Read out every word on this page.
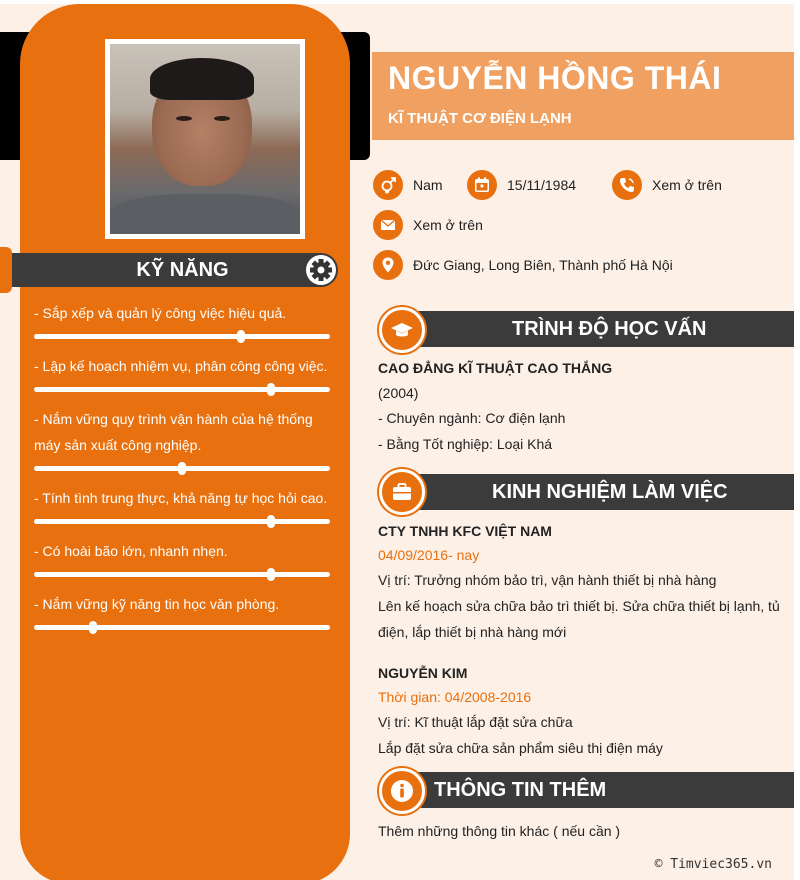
KỸ NĂNG
- Sắp xếp và quản lý công việc hiệu quả.
- Lập kế hoạch nhiệm vụ, phân công công việc.
- Nắm vững quy trình vận hành của hệ thống máy sản xuất công nghiệp.
- Tính tình trung thực, khả năng tự học hỏi cao.
- Có hoài bão lớn, nhanh nhẹn.
- Nắm vững kỹ năng tin học văn phòng.
NGUYỄN HỒNG THÁI
KĨ THUẬT CƠ ĐIỆN LẠNH
Nam	15/11/1984	Xem ở trên
Xem ở trên
Đức Giang, Long Biên, Thành phố Hà Nội
TRÌNH ĐỘ HỌC VẤN
CAO ĐẲNG KĨ THUẬT CAO THẮNG
(2004)
- Chuyên ngành: Cơ điện lạnh
- Bằng Tốt nghiệp: Loại Khá
KINH NGHIỆM LÀM VIỆC
CTY TNHH KFC VIỆT NAM
04/09/2016- nay
Vị trí: Trưởng nhóm bảo trì, vận hành thiết bị nhà hàng
Lên kế hoạch sửa chữa bảo trì thiết bị. Sửa chữa thiết bị lạnh, tủ
điện, lắp thiết bị nhà hàng mới
NGUYỄN KIM
Thời gian: 04/2008-2016
Vị trí: Kĩ thuật lắp đặt sửa chữa
Lắp đặt sửa chữa sản phẩm siêu thị điện máy
THÔNG TIN THÊM
Thêm những thông tin khác ( nếu cần )
© Timviec365.vn
